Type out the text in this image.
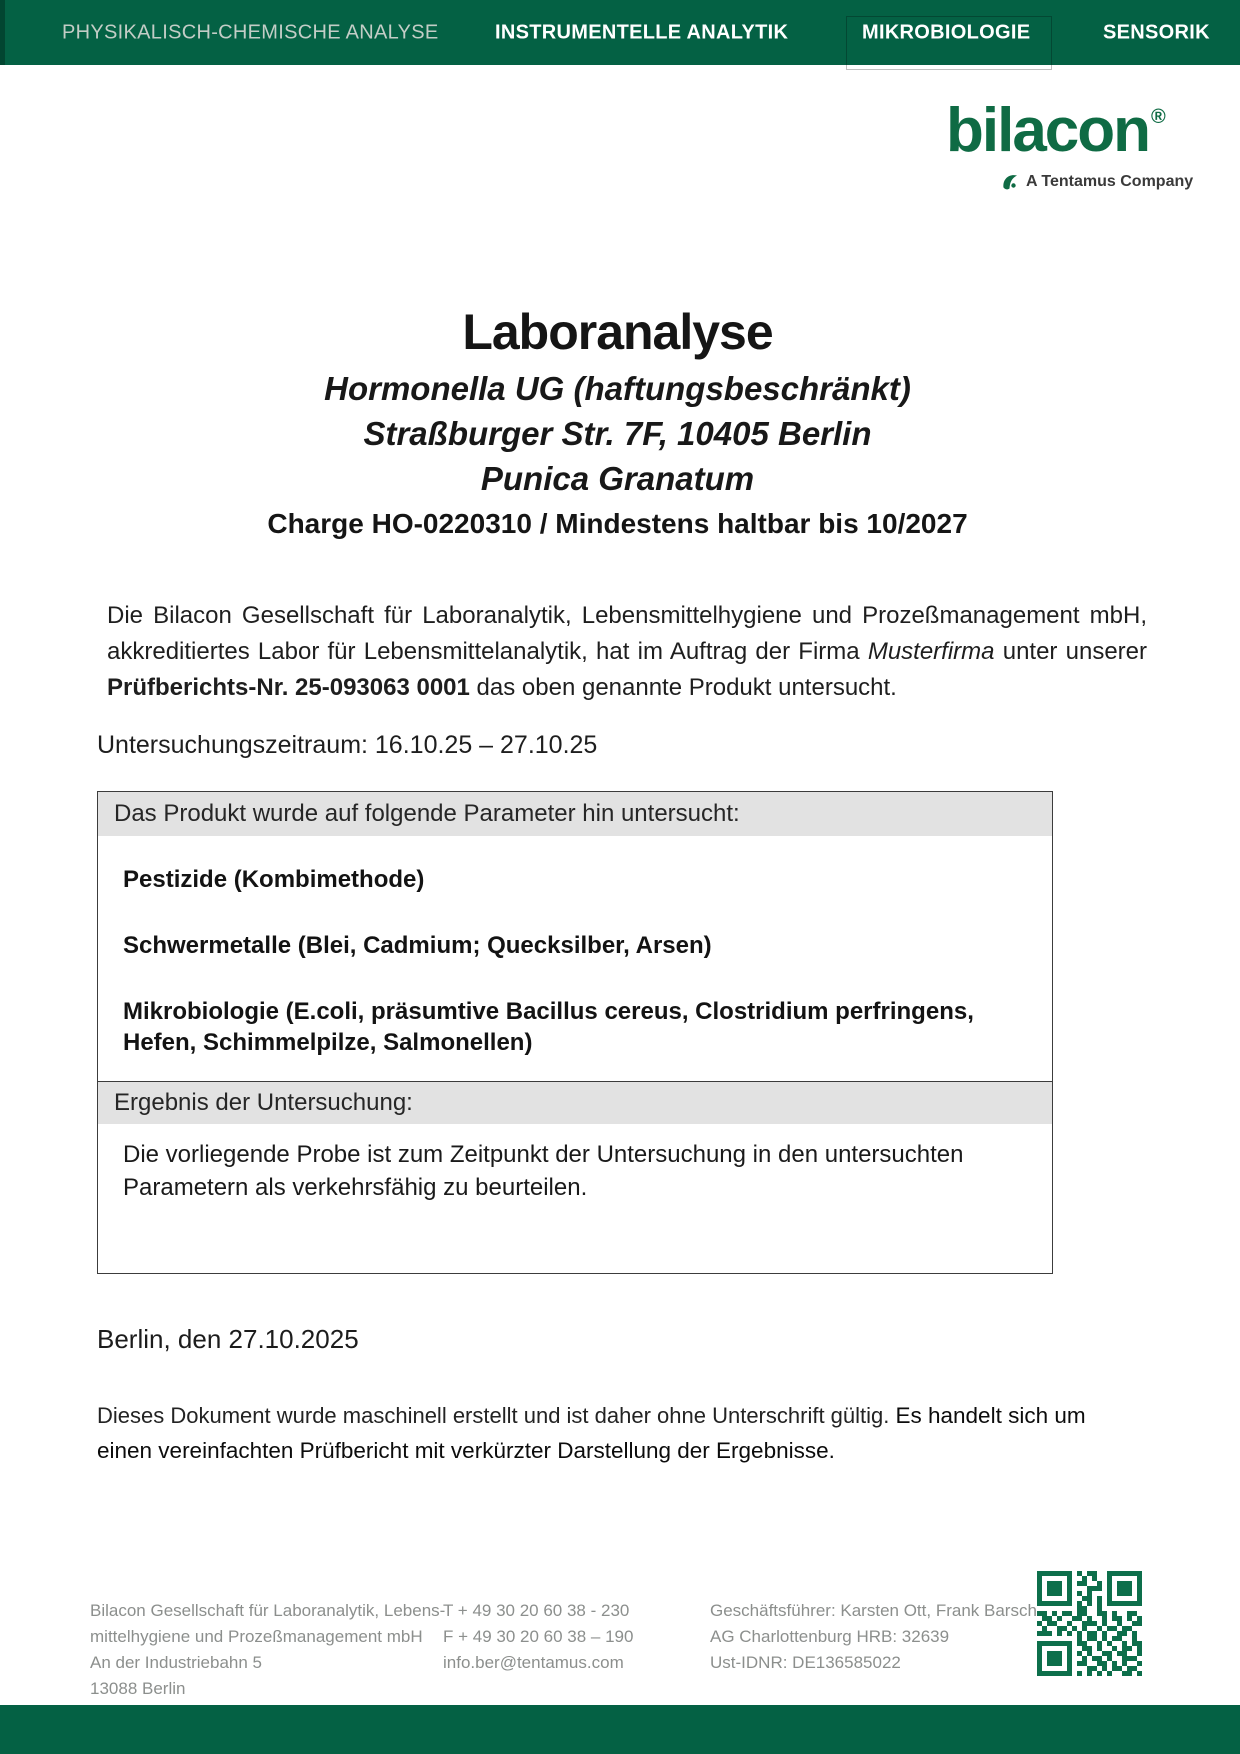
PHYSIKALISCH-CHEMISCHE ANALYSE	INSTRUMENTELLE ANALYTIK	MIKROBIOLOGIE	SENSORIK
bilacon ®
A Tentamus Company
Laboranalyse
Hormonella UG (haftungsbeschränkt)
Straßburger Str. 7F, 10405 Berlin
Punica Granatum
Charge HO-0220310 / Mindestens haltbar bis 10/2027
Die Bilacon Gesellschaft für Laboranalytik, Lebensmittelhygiene und Prozeßmanagement mbH, akkreditiertes Labor für Lebensmittelanalytik, hat im Auftrag der Firma Musterfirma unter unserer Prüfberichts-Nr. 25-093063 0001 das oben genannte Produkt untersucht.
Untersuchungszeitraum: 16.10.25 – 27.10.25
Das Produkt wurde auf folgende Parameter hin untersucht:
Pestizide (Kombimethode)
Schwermetalle (Blei, Cadmium; Quecksilber, Arsen)
Mikrobiologie (E.coli, präsumtive Bacillus cereus, Clostridium perfringens, Hefen, Schimmelpilze, Salmonellen)
Ergebnis der Untersuchung:
Die vorliegende Probe ist zum Zeitpunkt der Untersuchung in den untersuchten Parametern als verkehrsfähig zu beurteilen.
Berlin, den 27.10.2025
Dieses Dokument wurde maschinell erstellt und ist daher ohne Unterschrift gültig. Es handelt sich um einen vereinfachten Prüfbericht mit verkürzter Darstellung der Ergebnisse.
Bilacon Gesellschaft für Laboranalytik, Lebens-
mittelhygiene und Prozeßmanagement mbH
An der Industriebahn 5
13088 Berlin
T + 49 30 20 60 38 - 230
F + 49 30 20 60 38 – 190
info.ber@tentamus.com
Geschäftsführer: Karsten Ott, Frank Barsch
AG Charlottenburg HRB: 32639
Ust-IDNR: DE136585022
